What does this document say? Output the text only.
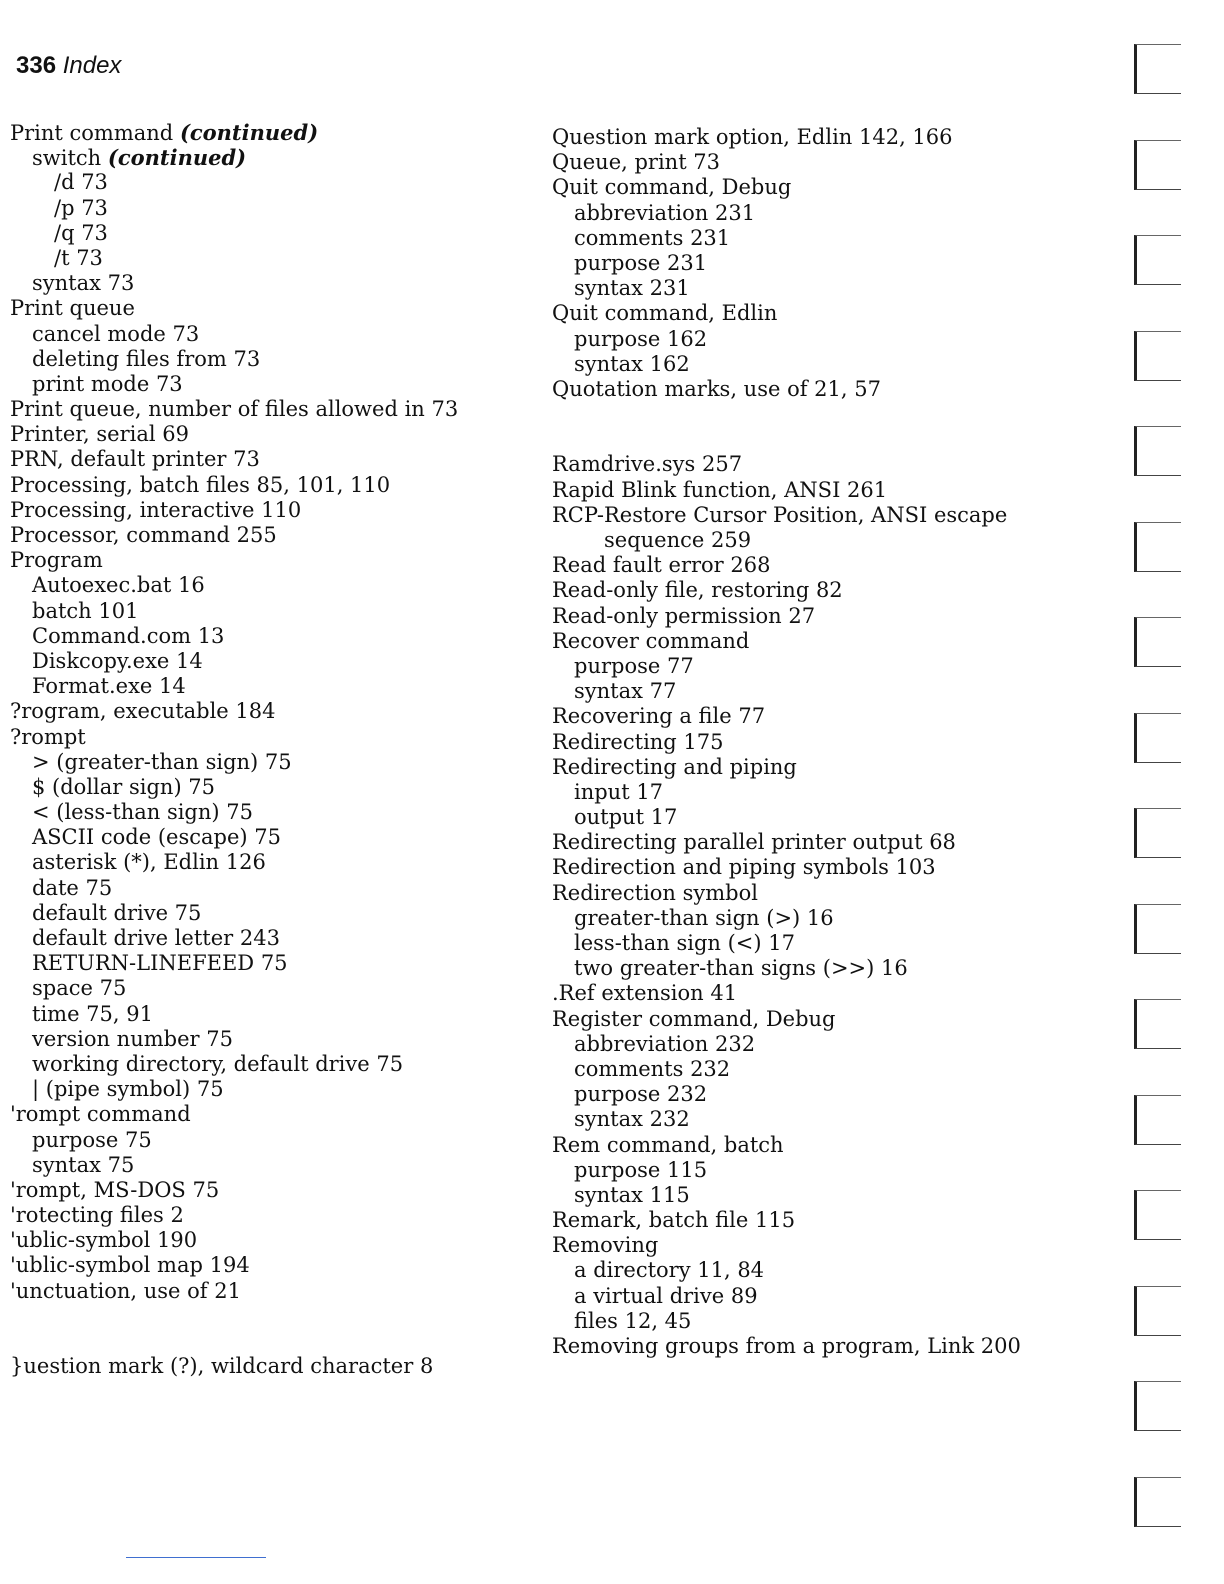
336 Index
Print command (continued)
switch (continued)
/d 73
/p 73
/q 73
/t 73
syntax 73
Print queue
cancel mode 73
deleting files from 73
print mode 73
Print queue, number of files allowed in 73
Printer, serial 69
PRN, default printer 73
Processing, batch files 85, 101, 110
Processing, interactive 110
Processor, command 255
Program
Autoexec.bat 16
batch 101
Command.com 13
Diskcopy.exe 14
Format.exe 14
?rogram, executable 184
?rompt
> (greater-than sign) 75
$ (dollar sign) 75
< (less-than sign) 75
ASCII code (escape) 75
asterisk (*), Edlin 126
date 75
default drive 75
default drive letter 243
RETURN-LINEFEED 75
space 75
time 75, 91
version number 75
working directory, default drive 75
| (pipe symbol) 75
'rompt command
purpose 75
syntax 75
'rompt, MS-DOS 75
'rotecting files 2
'ublic-symbol 190
'ublic-symbol map 194
'unctuation, use of 21
}uestion mark (?), wildcard character 8
Question mark option, Edlin 142, 166
Queue, print 73
Quit command, Debug
abbreviation 231
comments 231
purpose 231
syntax 231
Quit command, Edlin
purpose 162
syntax 162
Quotation marks, use of 21, 57
Ramdrive.sys 257
Rapid Blink function, ANSI 261
RCP-Restore Cursor Position, ANSI escape
sequence 259
Read fault error 268
Read-only file, restoring 82
Read-only permission 27
Recover command
purpose 77
syntax 77
Recovering a file 77
Redirecting 175
Redirecting and piping
input 17
output 17
Redirecting parallel printer output 68
Redirection and piping symbols 103
Redirection symbol
greater-than sign (>) 16
less-than sign (<) 17
two greater-than signs (>>) 16
.Ref extension 41
Register command, Debug
abbreviation 232
comments 232
purpose 232
syntax 232
Rem command, batch
purpose 115
syntax 115
Remark, batch file 115
Removing
a directory 11, 84
a virtual drive 89
files 12, 45
Removing groups from a program, Link 200
